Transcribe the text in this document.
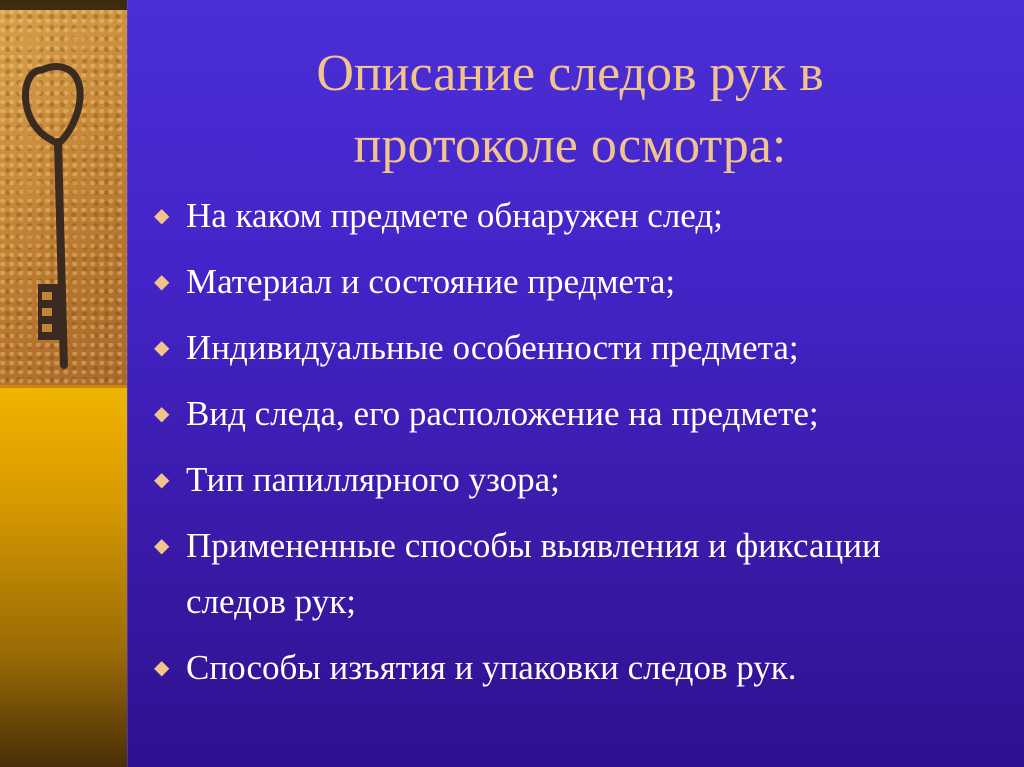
Описание следов рук в
протоколе осмотра:
◆ На каком предмете обнаружен след;
◆ Материал и состояние предмета;
◆ Индивидуальные особенности предмета;
◆ Вид следа, его расположение на предмете;
◆ Тип папиллярного узора;
◆ Примененные способы выявления и фиксации следов рук;
◆ Способы изъятия и упаковки следов рук.
